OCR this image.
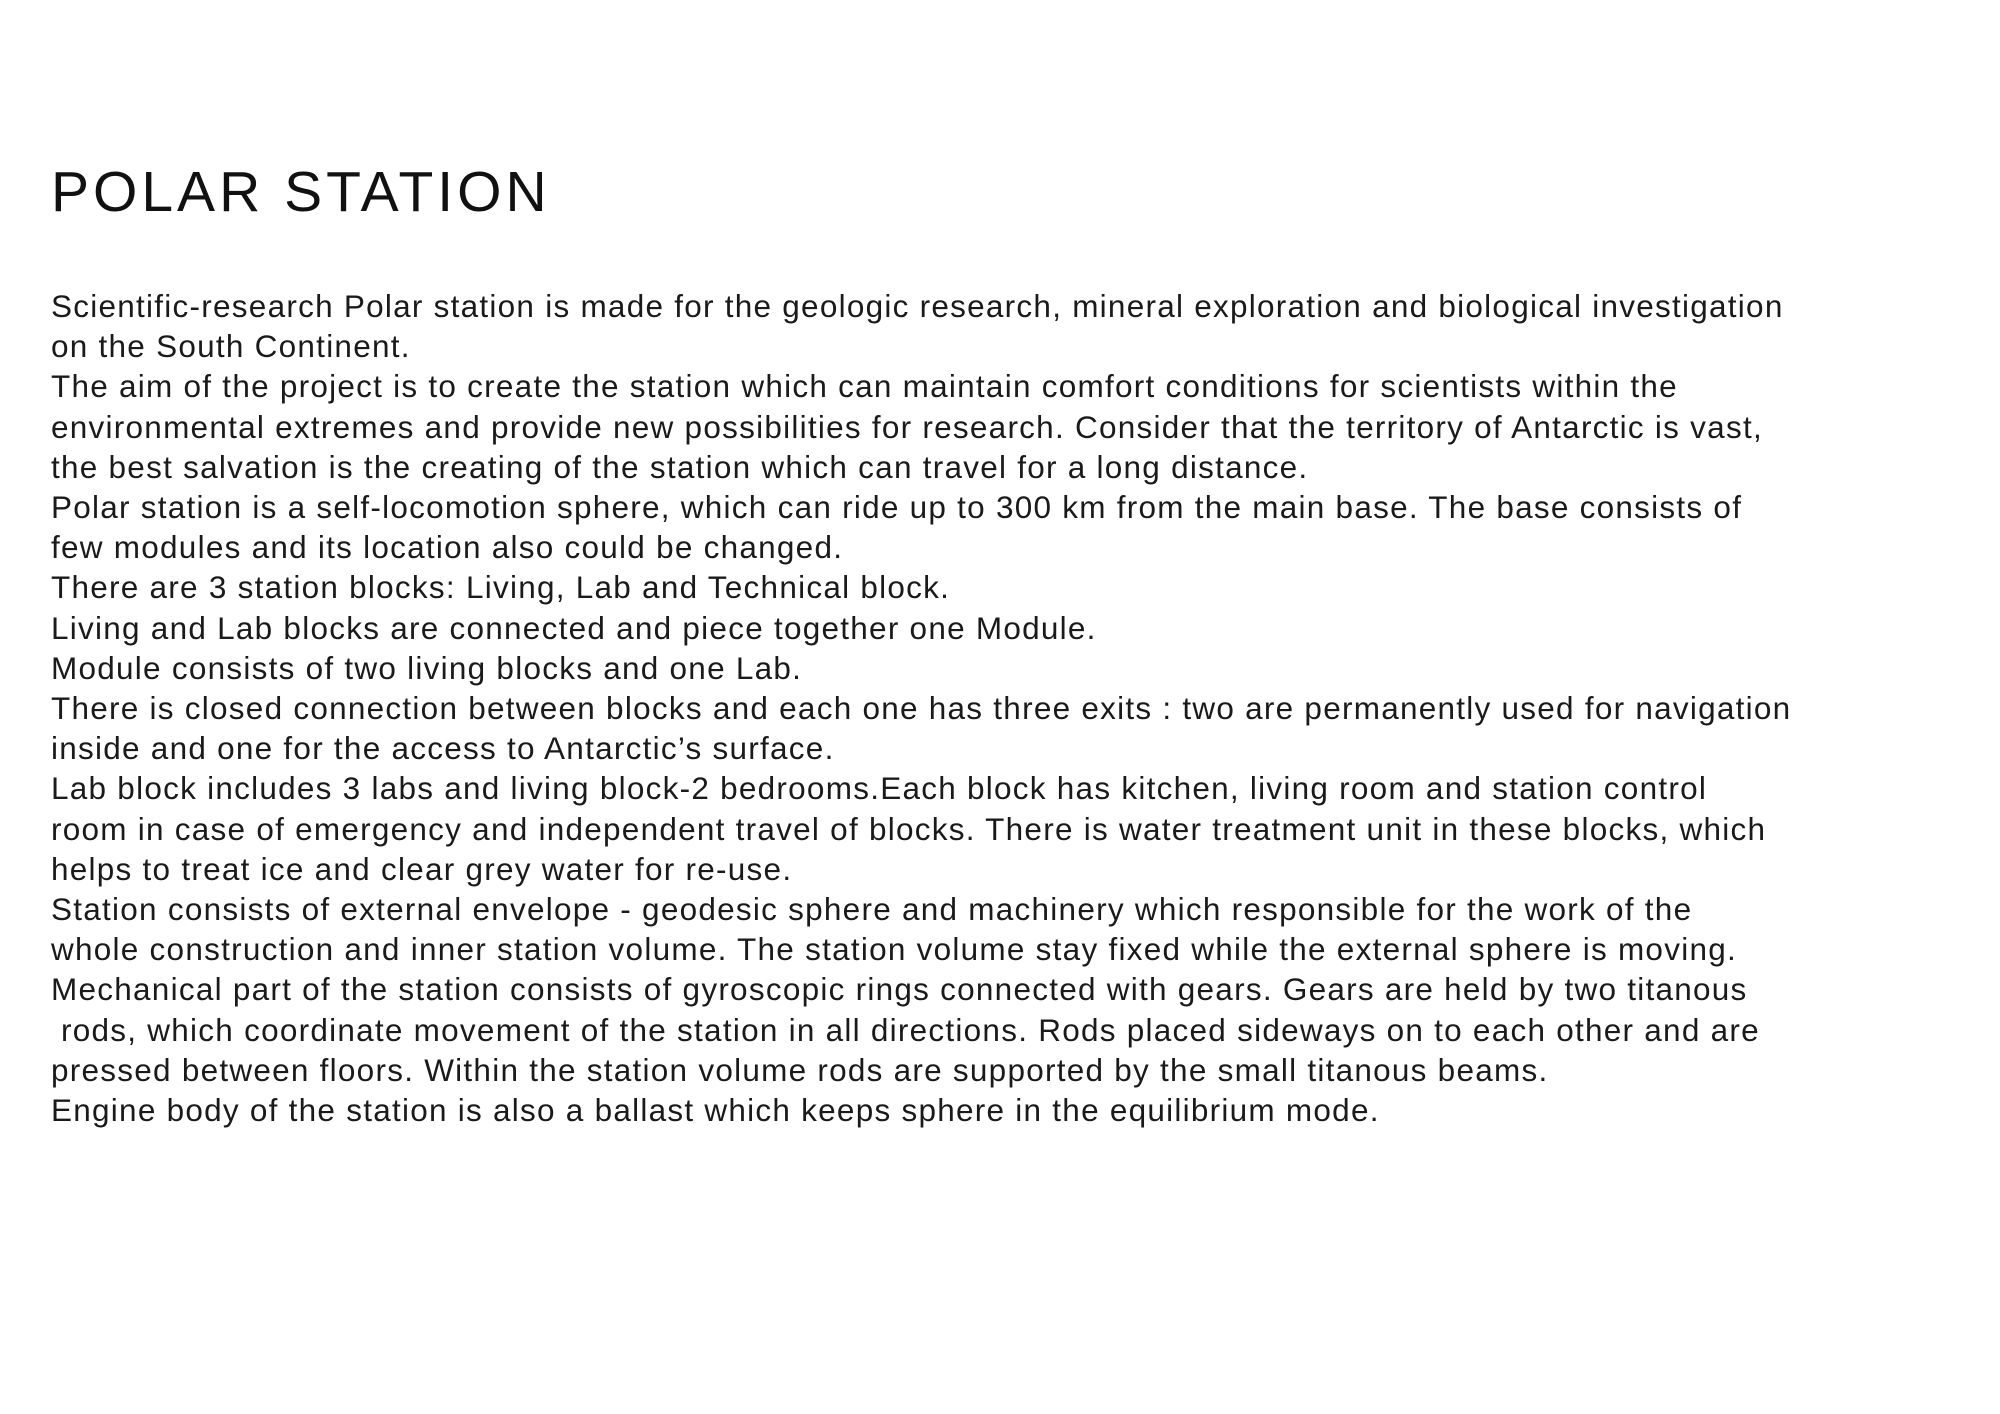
POLAR STATION
Scientific-research Polar station is made for the geologic research, mineral exploration and biological investigation
on the South Continent.
The aim of the project is to create the station which can maintain comfort conditions for scientists within the
environmental extremes and provide new possibilities for research. Consider that the territory of Antarctic is vast,
the best salvation is the creating of the station which can travel for a long distance.
Polar station is a self-locomotion sphere, which can ride up to 300 km from the main base. The base consists of
few modules and its location also could be changed.
There are 3 station blocks: Living, Lab and Technical block.
Living and Lab blocks are connected and piece together one Module.
Module consists of two living blocks and one Lab.
There is closed connection between blocks and each one has three exits : two are permanently used for navigation
inside and one for the access to Antarctic’s surface.
Lab block includes 3 labs and living block-2 bedrooms.Each block has kitchen, living room and station control
room in case of emergency and independent travel of blocks. There is water treatment unit in these blocks, which
helps to treat ice and clear grey water for re-use.
Station consists of external envelope - geodesic sphere and machinery which responsible for the work of the
whole construction and inner station volume. The station volume stay fixed while the external sphere is moving.
Mechanical part of the station consists of gyroscopic rings connected with gears. Gears are held by two titanous
rods, which coordinate movement of the station in all directions. Rods placed sideways on to each other and are
pressed between floors. Within the station volume rods are supported by the small titanous beams.
Engine body of the station is also a ballast which keeps sphere in the equilibrium mode.
